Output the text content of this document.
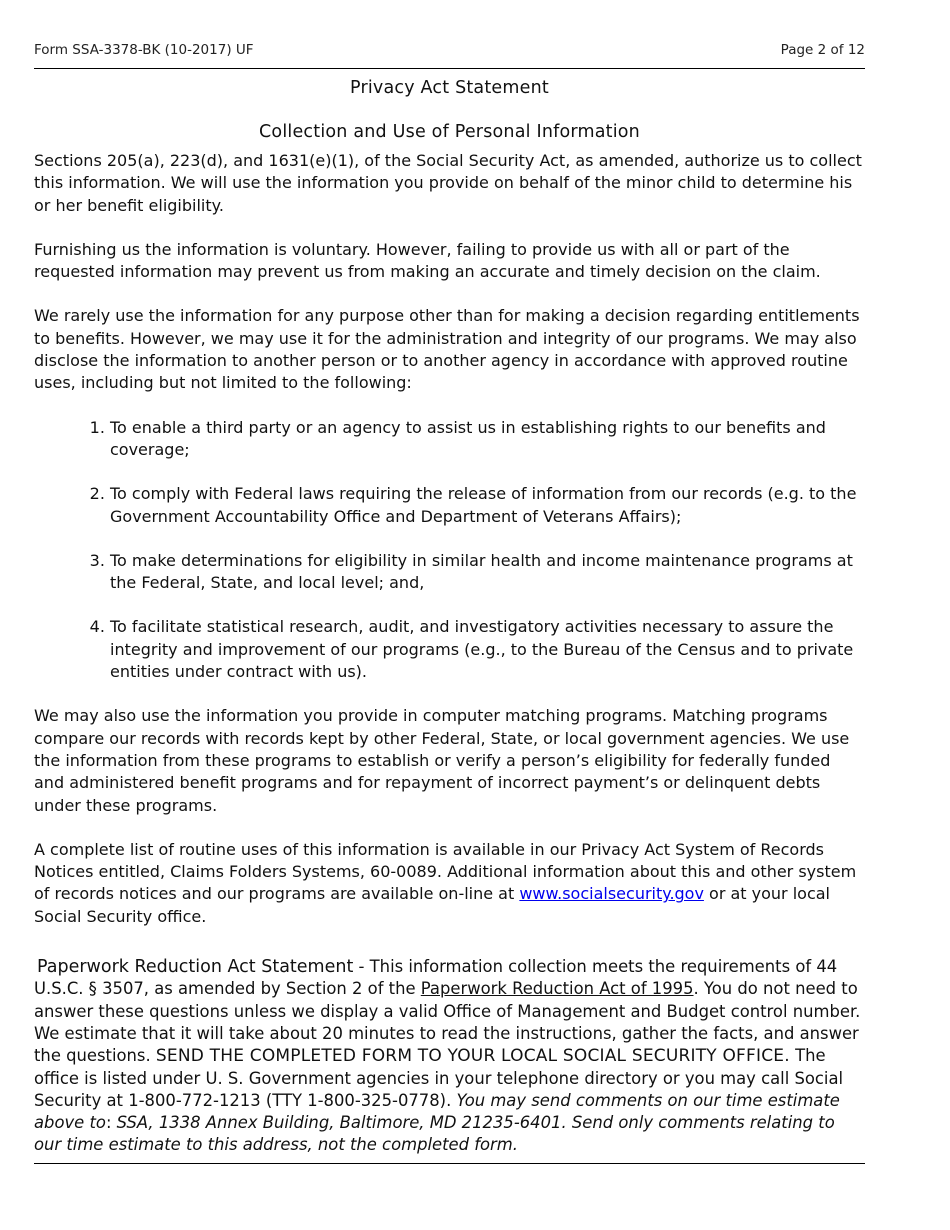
Form SSA-3378-BK (10-2017) UF	Page 2 of 12
Privacy Act Statement
Collection and Use of Personal Information

Sections 205(a), 223(d), and 1631(e)(1), of the Social Security Act, as amended, authorize us to collect this information. We will use the information you provide on behalf of the minor child to determine his or her benefit eligibility.

Furnishing us the information is voluntary. However, failing to provide us with all or part of the requested information may prevent us from making an accurate and timely decision on the claim.

We rarely use the information for any purpose other than for making a decision regarding entitlements to benefits. However, we may use it for the administration and integrity of our programs. We may also disclose the information to another person or to another agency in accordance with approved routine uses, including but not limited to the following:

1. To enable a third party or an agency to assist us in establishing rights to our benefits and coverage;
2. To comply with Federal laws requiring the release of information from our records (e.g. to the Government Accountability Office and Department of Veterans Affairs);
3. To make determinations for eligibility in similar health and income maintenance programs at the Federal, State, and local level; and,
4. To facilitate statistical research, audit, and investigatory activities necessary to assure the integrity and improvement of our programs (e.g., to the Bureau of the Census and to private entities under contract with us).

We may also use the information you provide in computer matching programs. Matching programs compare our records with records kept by other Federal, State, or local government agencies. We use the information from these programs to establish or verify a person’s eligibility for federally funded and administered benefit programs and for repayment of incorrect payment’s or delinquent debts under these programs.

A complete list of routine uses of this information is available in our Privacy Act System of Records Notices entitled, Claims Folders Systems, 60-0089. Additional information about this and other system of records notices and our programs are available on-line at www.socialsecurity.gov or at your local Social Security office.

Paperwork Reduction Act Statement - This information collection meets the requirements of 44 U.S.C. § 3507, as amended by Section 2 of the Paperwork Reduction Act of 1995. You do not need to answer these questions unless we display a valid Office of Management and Budget control number. We estimate that it will take about 20 minutes to read the instructions, gather the facts, and answer the questions. SEND THE COMPLETED FORM TO YOUR LOCAL SOCIAL SECURITY OFFICE. The office is listed under U. S. Government agencies in your telephone directory or you may call Social Security at 1-800-772-1213 (TTY 1-800-325-0778). You may send comments on our time estimate above to: SSA, 1338 Annex Building, Baltimore, MD 21235-6401. Send only comments relating to our time estimate to this address, not the completed form.
